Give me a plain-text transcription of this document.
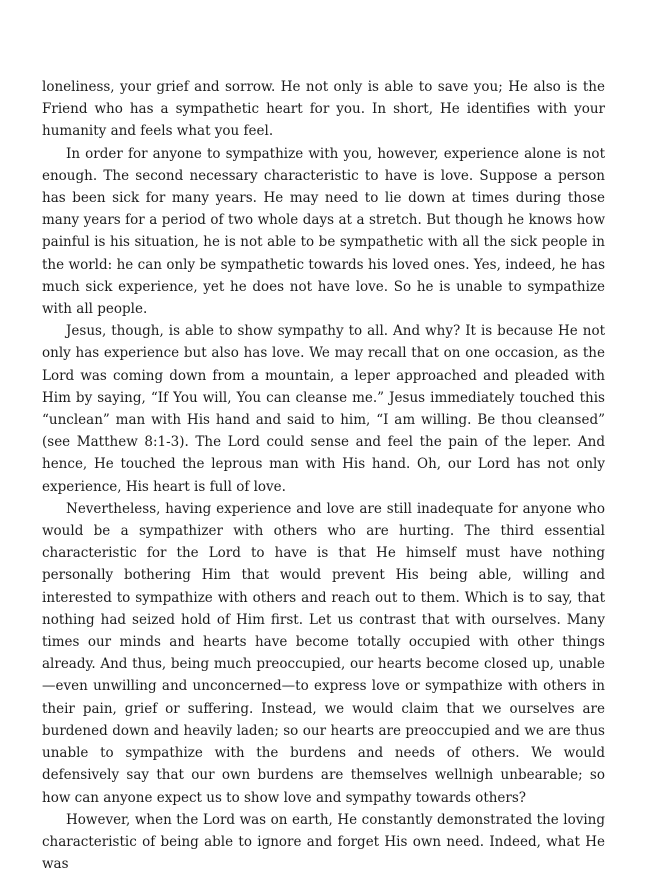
loneliness, your grief and sorrow. He not only is able to save you; He also is the Friend who has a sympathetic heart for you. In short, He identifies with your humanity and feels what you feel.

In order for anyone to sympathize with you, however, experience alone is not enough. The second necessary characteristic to have is love. Suppose a person has been sick for many years. He may need to lie down at times during those many years for a period of two whole days at a stretch. But though he knows how painful is his situation, he is not able to be sympathetic with all the sick people in the world: he can only be sympathetic towards his loved ones. Yes, indeed, he has much sick experience, yet he does not have love. So he is unable to sympathize with all people.

Jesus, though, is able to show sympathy to all. And why? It is because He not only has experience but also has love. We may recall that on one occasion, as the Lord was coming down from a mountain, a leper approached and pleaded with Him by saying, “If You will, You can cleanse me.” Jesus immediately touched this “unclean” man with His hand and said to him, “I am willing. Be thou cleansed” (see Matthew 8:1-3). The Lord could sense and feel the pain of the leper. And hence, He touched the leprous man with His hand. Oh, our Lord has not only experience, His heart is full of love.

Nevertheless, having experience and love are still inadequate for anyone who would be a sympathizer with others who are hurting. The third essential characteristic for the Lord to have is that He himself must have nothing personally bothering Him that would prevent His being able, willing and interested to sympathize with others and reach out to them. Which is to say, that nothing had seized hold of Him first. Let us contrast that with ourselves. Many times our minds and hearts have become totally occupied with other things already. And thus, being much preoccupied, our hearts become closed up, unable—even unwilling and unconcerned—to express love or sympathize with others in their pain, grief or suffering. Instead, we would claim that we ourselves are burdened down and heavily laden; so our hearts are preoccupied and we are thus unable to sympathize with the burdens and needs of others. We would defensively say that our own burdens are themselves wellnigh unbearable; so how can anyone expect us to show love and sympathy towards others?

However, when the Lord was on earth, He constantly demonstrated the loving characteristic of being able to ignore and forget His own need. Indeed, what He was
